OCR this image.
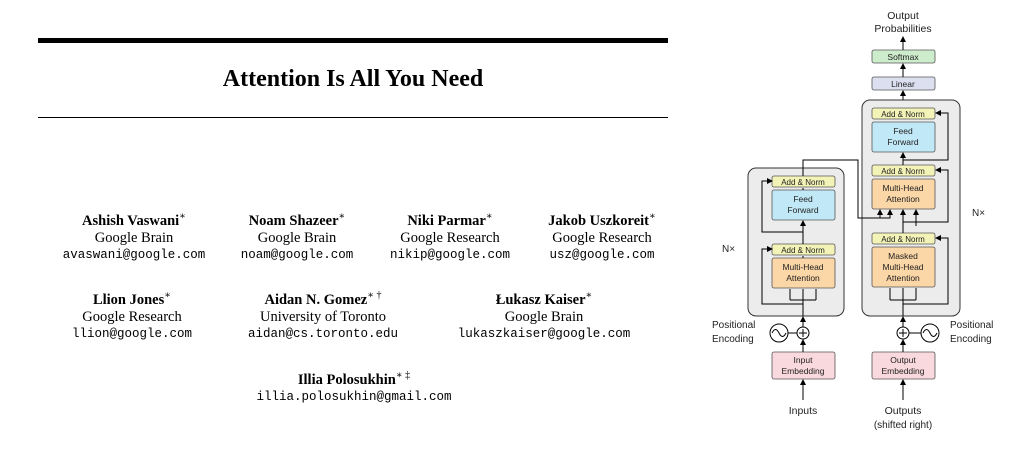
Attention Is All You Need
Ashish Vaswani∗
Google Brain
avaswani@google.com
Noam Shazeer∗
Google Brain
noam@google.com
Niki Parmar∗
Google Research
nikip@google.com
Jakob Uszkoreit∗
Google Research
usz@google.com
Llion Jones∗
Google Research
llion@google.com
Aidan N. Gomez∗ †
University of Toronto
aidan@cs.toronto.edu
Łukasz Kaiser∗
Google Brain
lukaszkaiser@google.com
Illia Polosukhin∗ ‡
illia.polosukhin@gmail.com
Output
Probabilities
Softmax
Linear
Add & Norm
Feed
Forward
Add & Norm
Multi-Head
Attention
Add & Norm
Feed
Forward
Add & Norm
Multi-Head
Attention
Add & Norm
Masked
Multi-Head
Attention
N×
N×
Positional
Encoding
Positional
Encoding
Input
Embedding
Output
Embedding
Inputs	Outputs
(shifted right)
